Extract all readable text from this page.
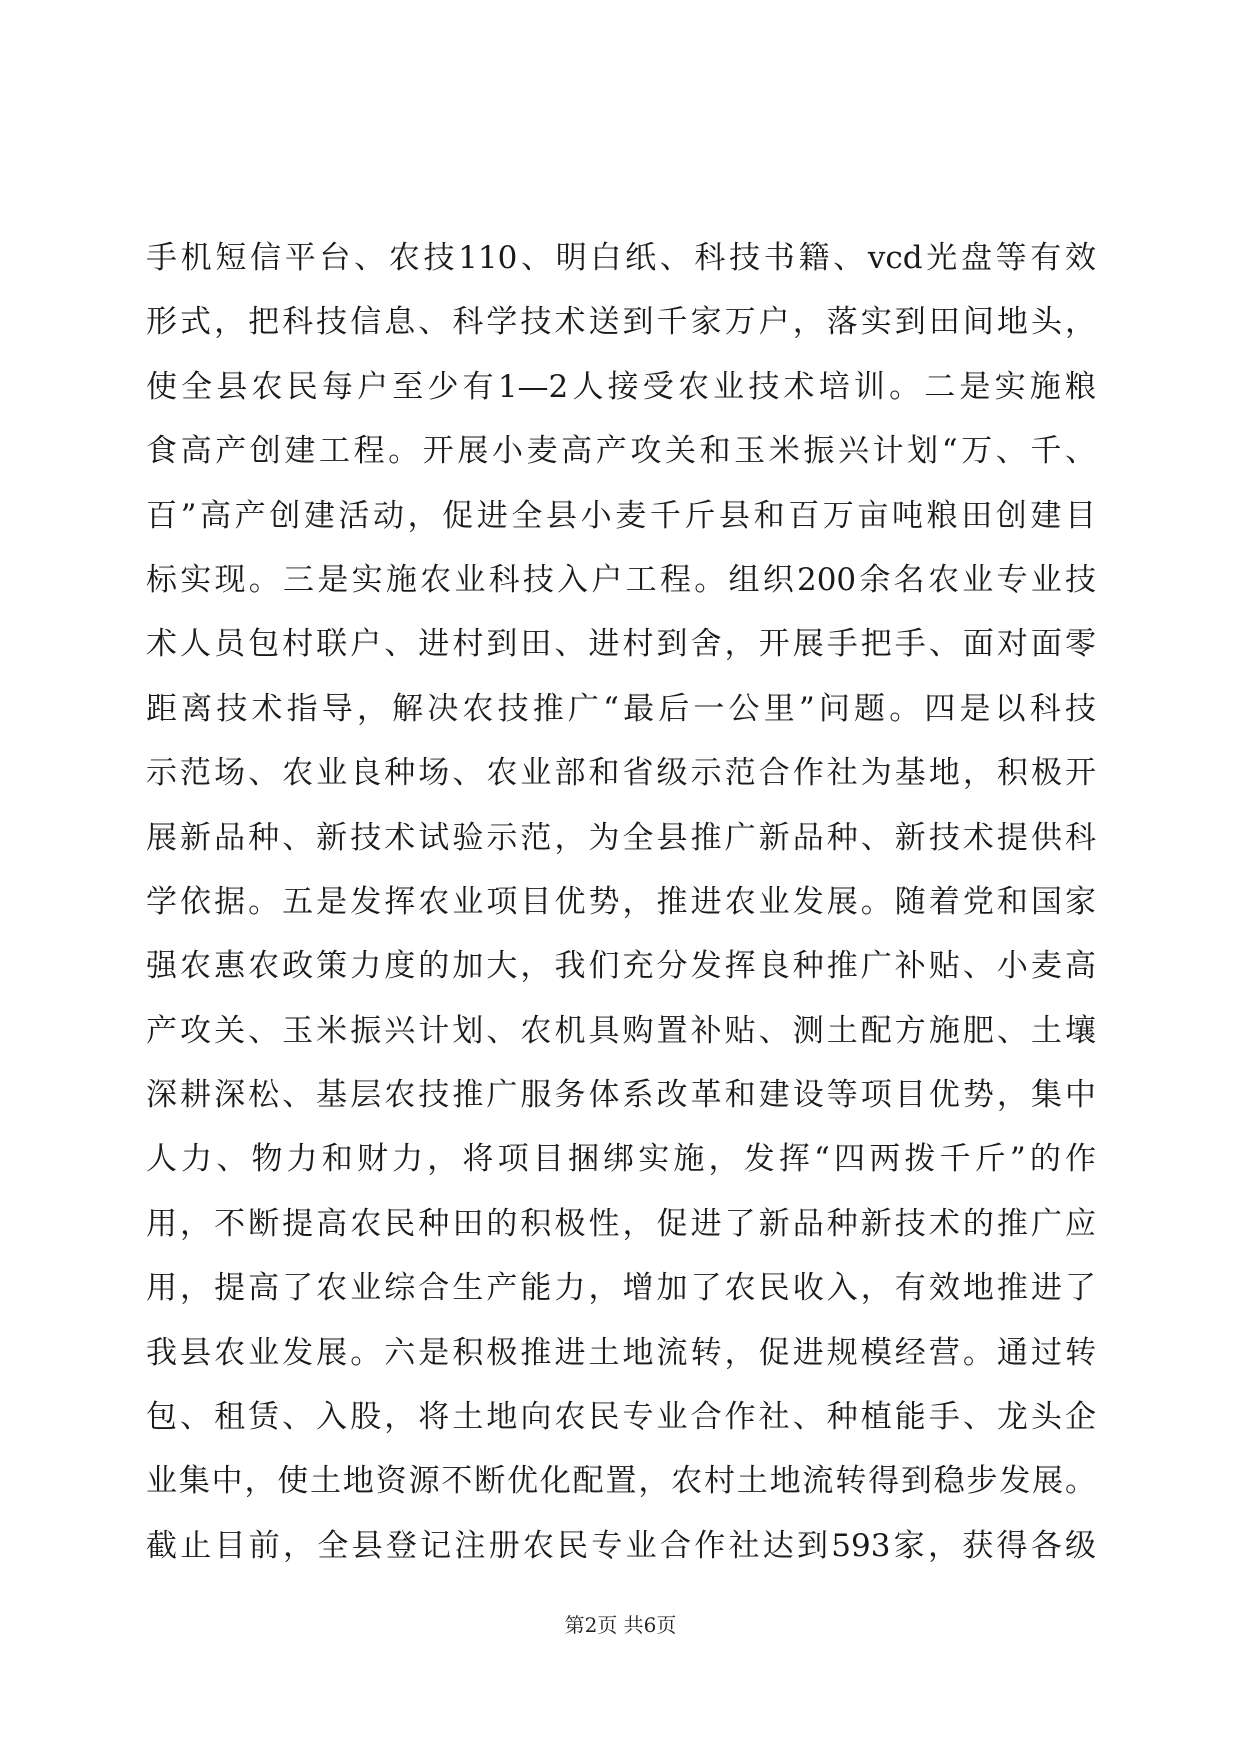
手机短信平台、农技110、明白纸、科技书籍、vcd光盘等有效
形式，把科技信息、科学技术送到千家万户，落实到田间地头，
使全县农民每户至少有1—2人接受农业技术培训。二是实施粮
食高产创建工程。开展小麦高产攻关和玉米振兴计划“万、千、
百”高产创建活动，促进全县小麦千斤县和百万亩吨粮田创建目
标实现。三是实施农业科技入户工程。组织200余名农业专业技
术人员包村联户、进村到田、进村到舍，开展手把手、面对面零
距离技术指导，解决农技推广“最后一公里”问题。四是以科技
示范场、农业良种场、农业部和省级示范合作社为基地，积极开
展新品种、新技术试验示范，为全县推广新品种、新技术提供科
学依据。五是发挥农业项目优势，推进农业发展。随着党和国家
强农惠农政策力度的加大，我们充分发挥良种推广补贴、小麦高
产攻关、玉米振兴计划、农机具购置补贴、测土配方施肥、土壤
深耕深松、基层农技推广服务体系改革和建设等项目优势，集中
人力、物力和财力，将项目捆绑实施，发挥“四两拨千斤”的作
用，不断提高农民种田的积极性，促进了新品种新技术的推广应
用，提高了农业综合生产能力，增加了农民收入，有效地推进了
我县农业发展。六是积极推进土地流转，促进规模经营。通过转
包、租赁、入股，将土地向农民专业合作社、种植能手、龙头企
业集中，使土地资源不断优化配置，农村土地流转得到稳步发展。
截止目前，全县登记注册农民专业合作社达到593家，获得各级
第2页 共6页
